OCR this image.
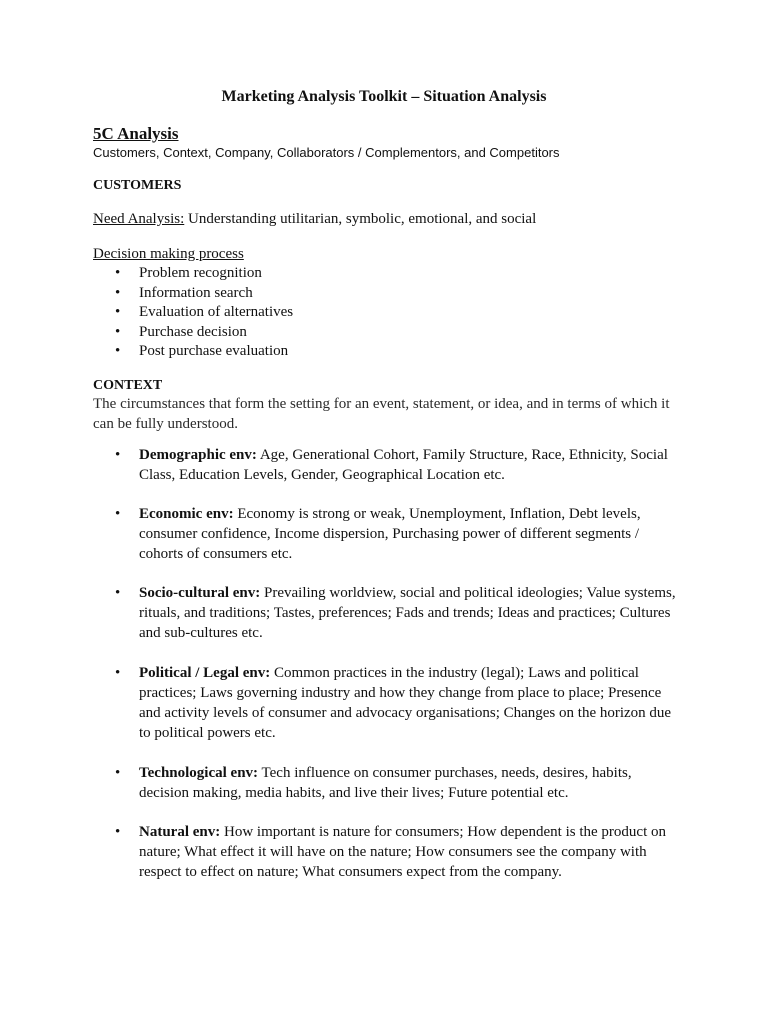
Marketing Analysis Toolkit – Situation Analysis
5C Analysis
Customers, Context, Company, Collaborators / Complementors, and Competitors
CUSTOMERS
Need Analysis: Understanding utilitarian, symbolic, emotional, and social
Decision making process
• Problem recognition
• Information search
• Evaluation of alternatives
• Purchase decision
• Post purchase evaluation
CONTEXT
The circumstances that form the setting for an event, statement, or idea, and in terms of which it can be fully understood.
• Demographic env: Age, Generational Cohort, Family Structure, Race, Ethnicity, Social Class, Education Levels, Gender, Geographical Location etc.
• Economic env: Economy is strong or weak, Unemployment, Inflation, Debt levels, consumer confidence, Income dispersion, Purchasing power of different segments / cohorts of consumers etc.
• Socio-cultural env: Prevailing worldview, social and political ideologies; Value systems, rituals, and traditions; Tastes, preferences; Fads and trends; Ideas and practices; Cultures and sub-cultures etc.
• Political / Legal env: Common practices in the industry (legal); Laws and political practices; Laws governing industry and how they change from place to place; Presence and activity levels of consumer and advocacy organisations; Changes on the horizon due to political powers etc.
• Technological env: Tech influence on consumer purchases, needs, desires, habits, decision making, media habits, and live their lives; Future potential etc.
• Natural env: How important is nature for consumers; How dependent is the product on nature; What effect it will have on the nature; How consumers see the company with respect to effect on nature; What consumers expect from the company.
